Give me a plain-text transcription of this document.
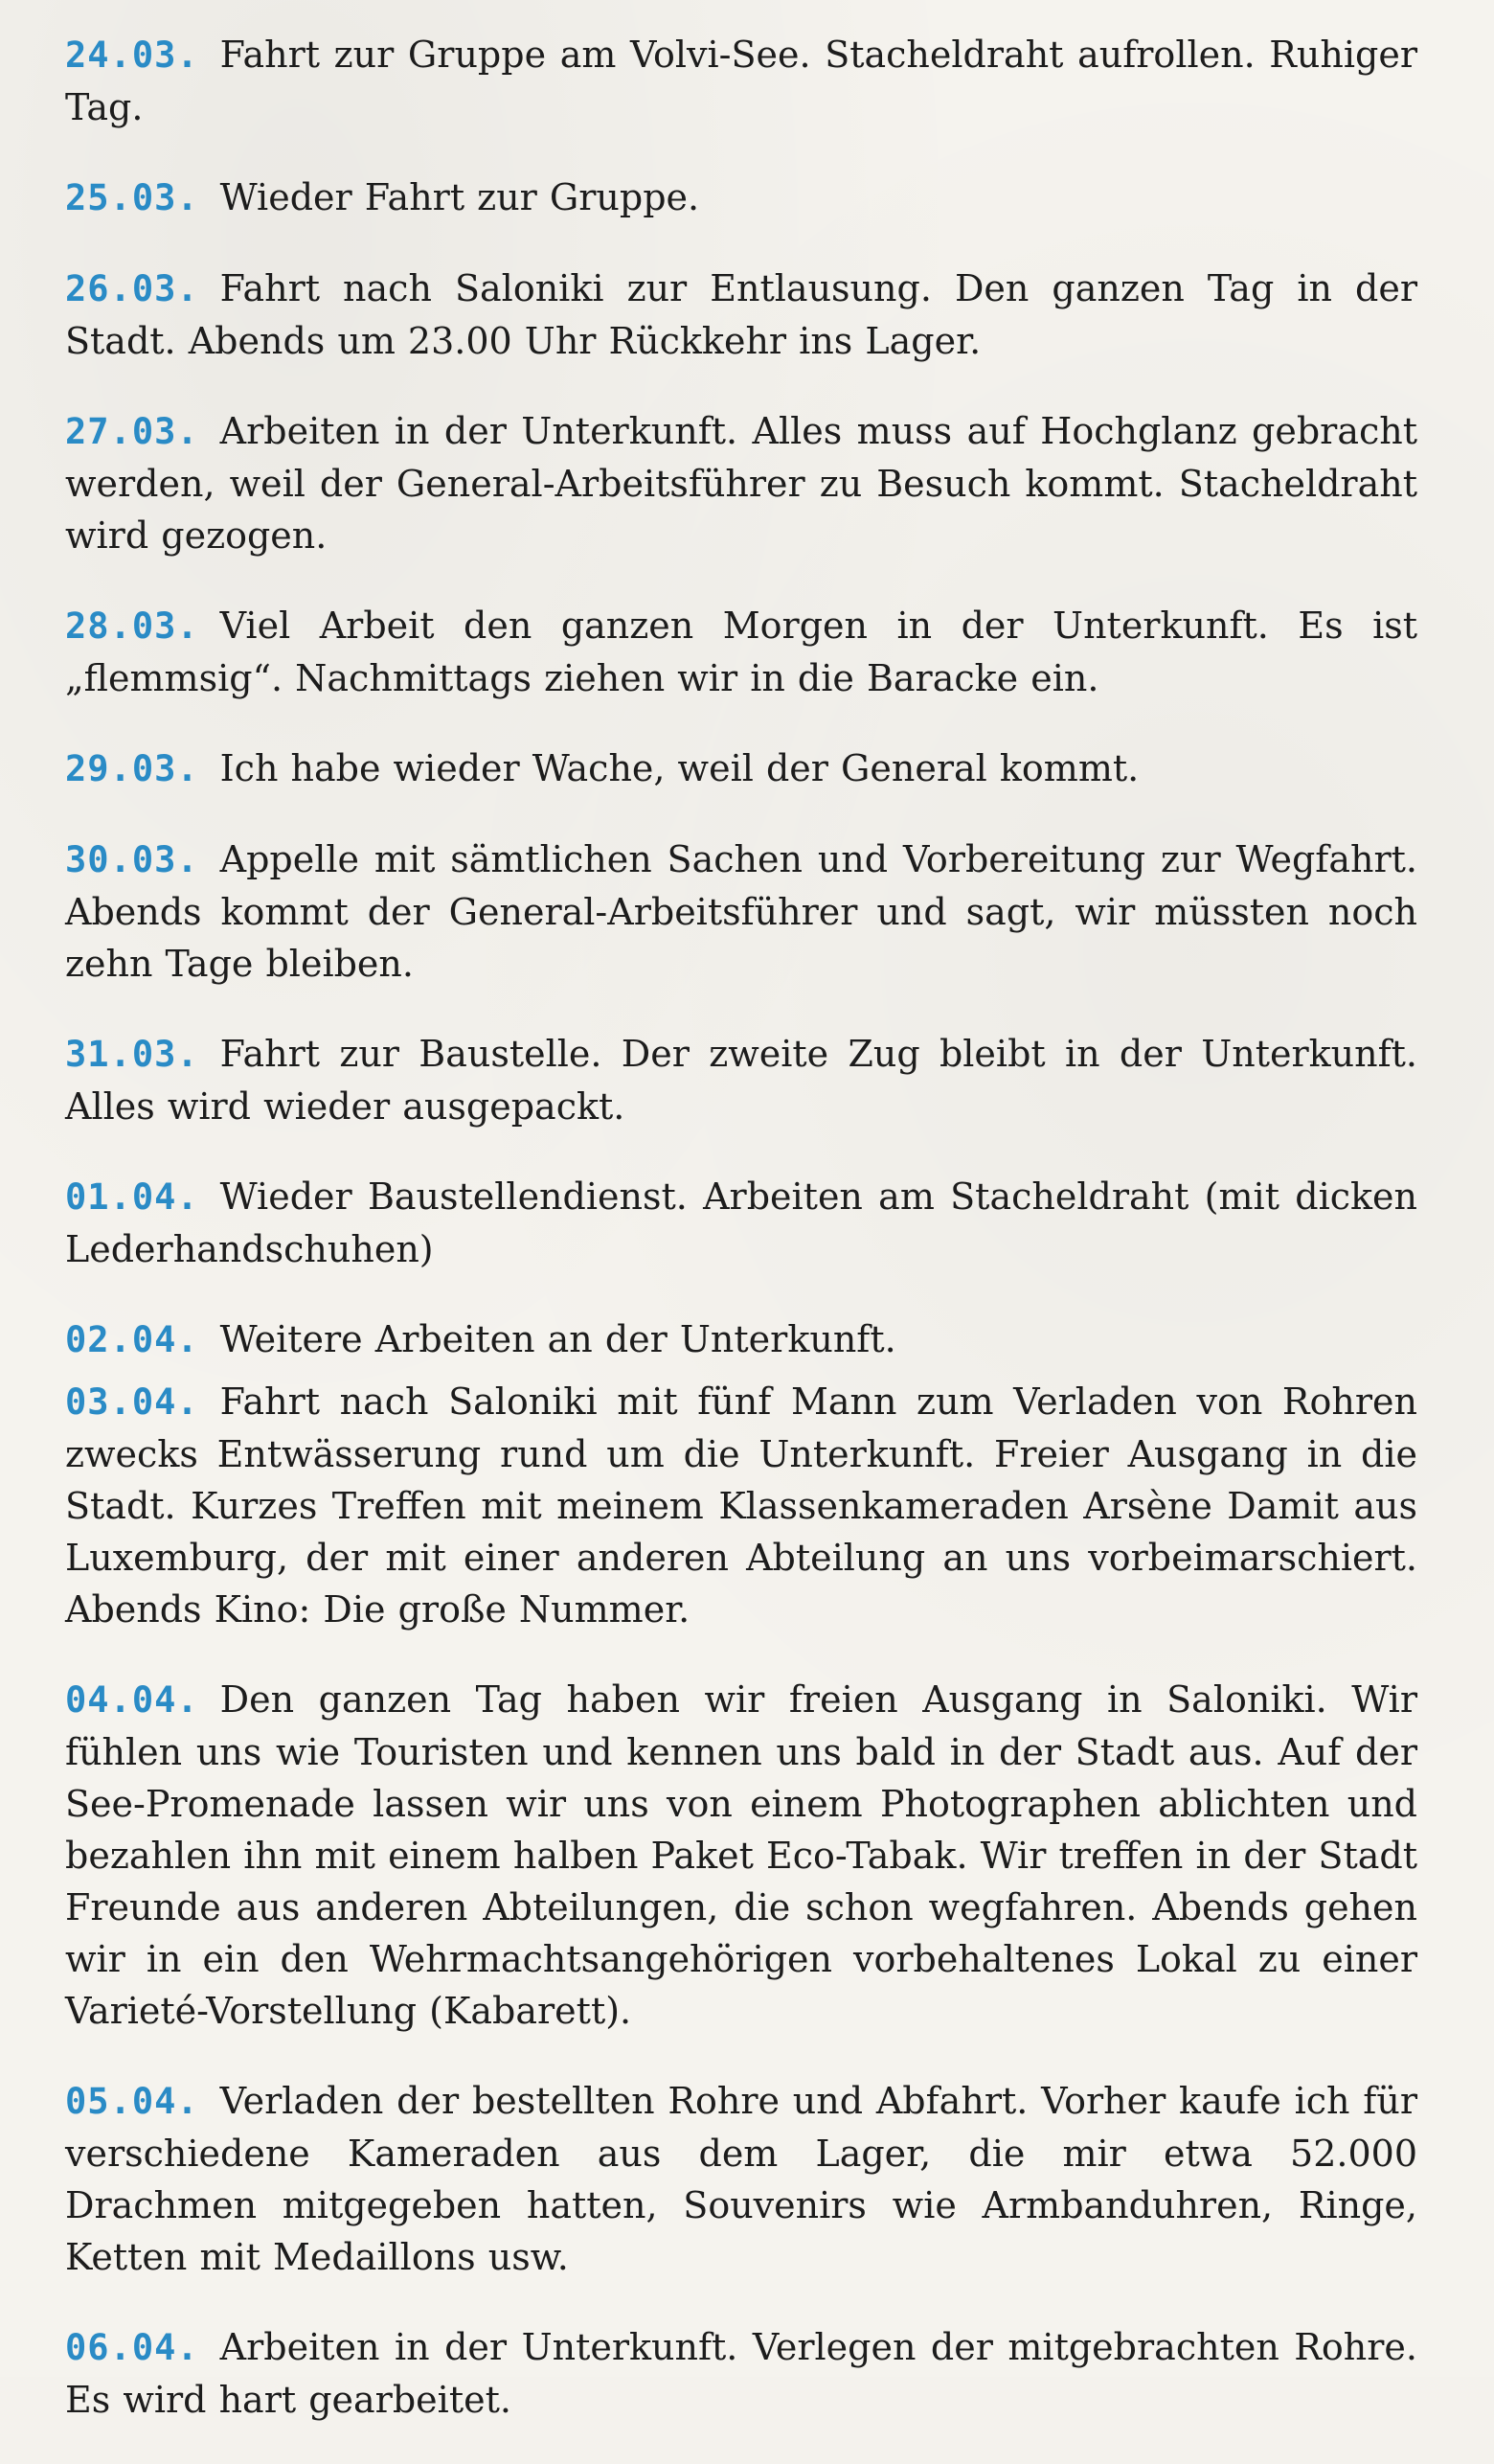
24.03. Fahrt zur Gruppe am Volvi-See. Stacheldraht aufrollen. Ruhiger Tag.

25.03. Wieder Fahrt zur Gruppe.

26.03. Fahrt nach Saloniki zur Entlausung. Den ganzen Tag in der Stadt. Abends um 23.00 Uhr Rückkehr ins Lager.

27.03. Arbeiten in der Unterkunft. Alles muss auf Hochglanz gebracht werden, weil der General-Arbeitsführer zu Besuch kommt. Stacheldraht wird gezogen.

28.03. Viel Arbeit den ganzen Morgen in der Unterkunft. Es ist „flemmsig“. Nachmittags ziehen wir in die Baracke ein.

29.03. Ich habe wieder Wache, weil der General kommt.

30.03. Appelle mit sämtlichen Sachen und Vorbereitung zur Wegfahrt. Abends kommt der General-Arbeitsführer und sagt, wir müssten noch zehn Tage bleiben.

31.03. Fahrt zur Baustelle. Der zweite Zug bleibt in der Unterkunft. Alles wird wieder ausgepackt.

01.04. Wieder Baustellendienst. Arbeiten am Stacheldraht (mit dicken Lederhandschuhen)

02.04. Weitere Arbeiten an der Unterkunft.

03.04. Fahrt nach Saloniki mit fünf Mann zum Verladen von Rohren zwecks Entwässerung rund um die Unterkunft. Freier Ausgang in die Stadt. Kurzes Treffen mit meinem Klassenkameraden Arsène Damit aus Luxemburg, der mit einer anderen Abteilung an uns vorbeimarschiert. Abends Kino: Die große Nummer.

04.04. Den ganzen Tag haben wir freien Ausgang in Saloniki. Wir fühlen uns wie Touristen und kennen uns bald in der Stadt aus. Auf der See-Promenade lassen wir uns von einem Photographen ablichten und bezahlen ihn mit einem halben Paket Eco-Tabak. Wir treffen in der Stadt Freunde aus anderen Abteilungen, die schon wegfahren. Abends gehen wir in ein den Wehrmachtsangehörigen vorbehaltenes Lokal zu einer Varieté-Vorstellung (Kabarett).

05.04. Verladen der bestellten Rohre und Abfahrt. Vorher kaufe ich für verschiedene Kameraden aus dem Lager, die mir etwa 52.000 Drachmen mitgegeben hatten, Souvenirs wie Armbanduhren, Ringe, Ketten mit Medaillons usw.

06.04. Arbeiten in der Unterkunft. Verlegen der mitgebrachten Rohre. Es wird hart gearbeitet.
